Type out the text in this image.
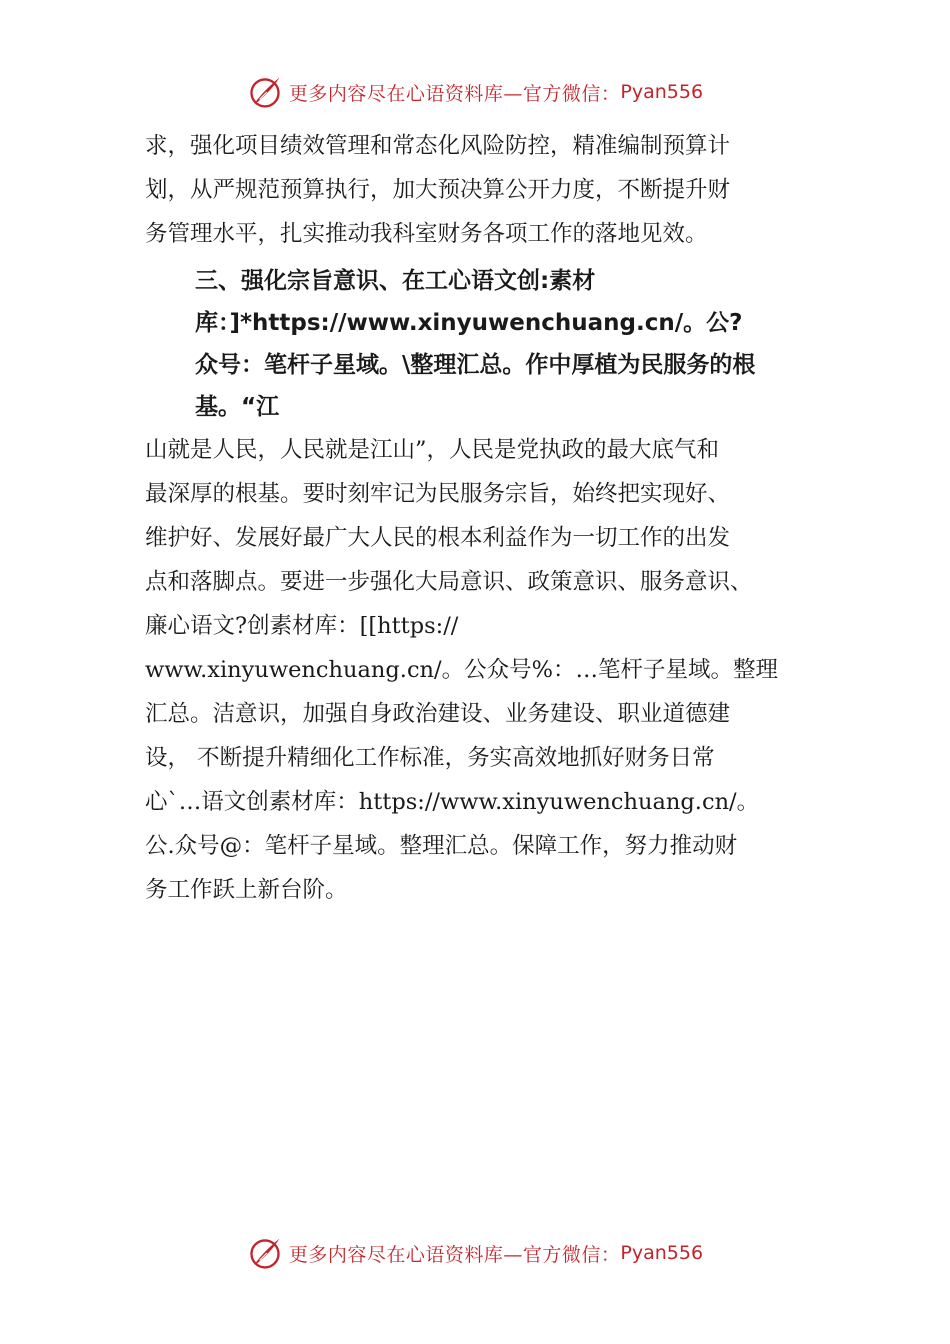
更多内容尽在心语资料库—官方微信： Pyan556

求，强化项目绩效管理和常态化风险防控，精准编制预算计
划，从严规范预算执行，加大预决算公开力度，不断提升财
务管理水平，扎实推动我科室财务各项工作的落地见效。

三、强化宗旨意识、在工心语文创:素材
库：]*https://www.xinyuwenchuang.cn/。公?
众号：笔杆子星域。\整理汇总。作中厚植为民服务的根
基。“江

山就是人民，人民就是江山”，人民是党执政的最大底气和
最深厚的根基。要时刻牢记为民服务宗旨，始终把实现好、
维护好、发展好最广大人民的根本利益作为一切工作的出发
点和落脚点。要进一步强化大局意识、政策意识、服务意识、
廉心语文?创素材库：[[https://
www.xinyuwenchuang.cn/。公众号%：…笔杆子星域。整理
汇总。洁意识，加强自身政治建设、业务建设、职业道德建
设， 不断提升精细化工作标准，务实高效地抓好财务日常
心`…语文创素材库：https://www.xinyuwenchuang.cn/。
公.众号@：笔杆子星域。整理汇总。保障工作，努力推动财
务工作跃上新台阶。

更多内容尽在心语资料库—官方微信： Pyan556
